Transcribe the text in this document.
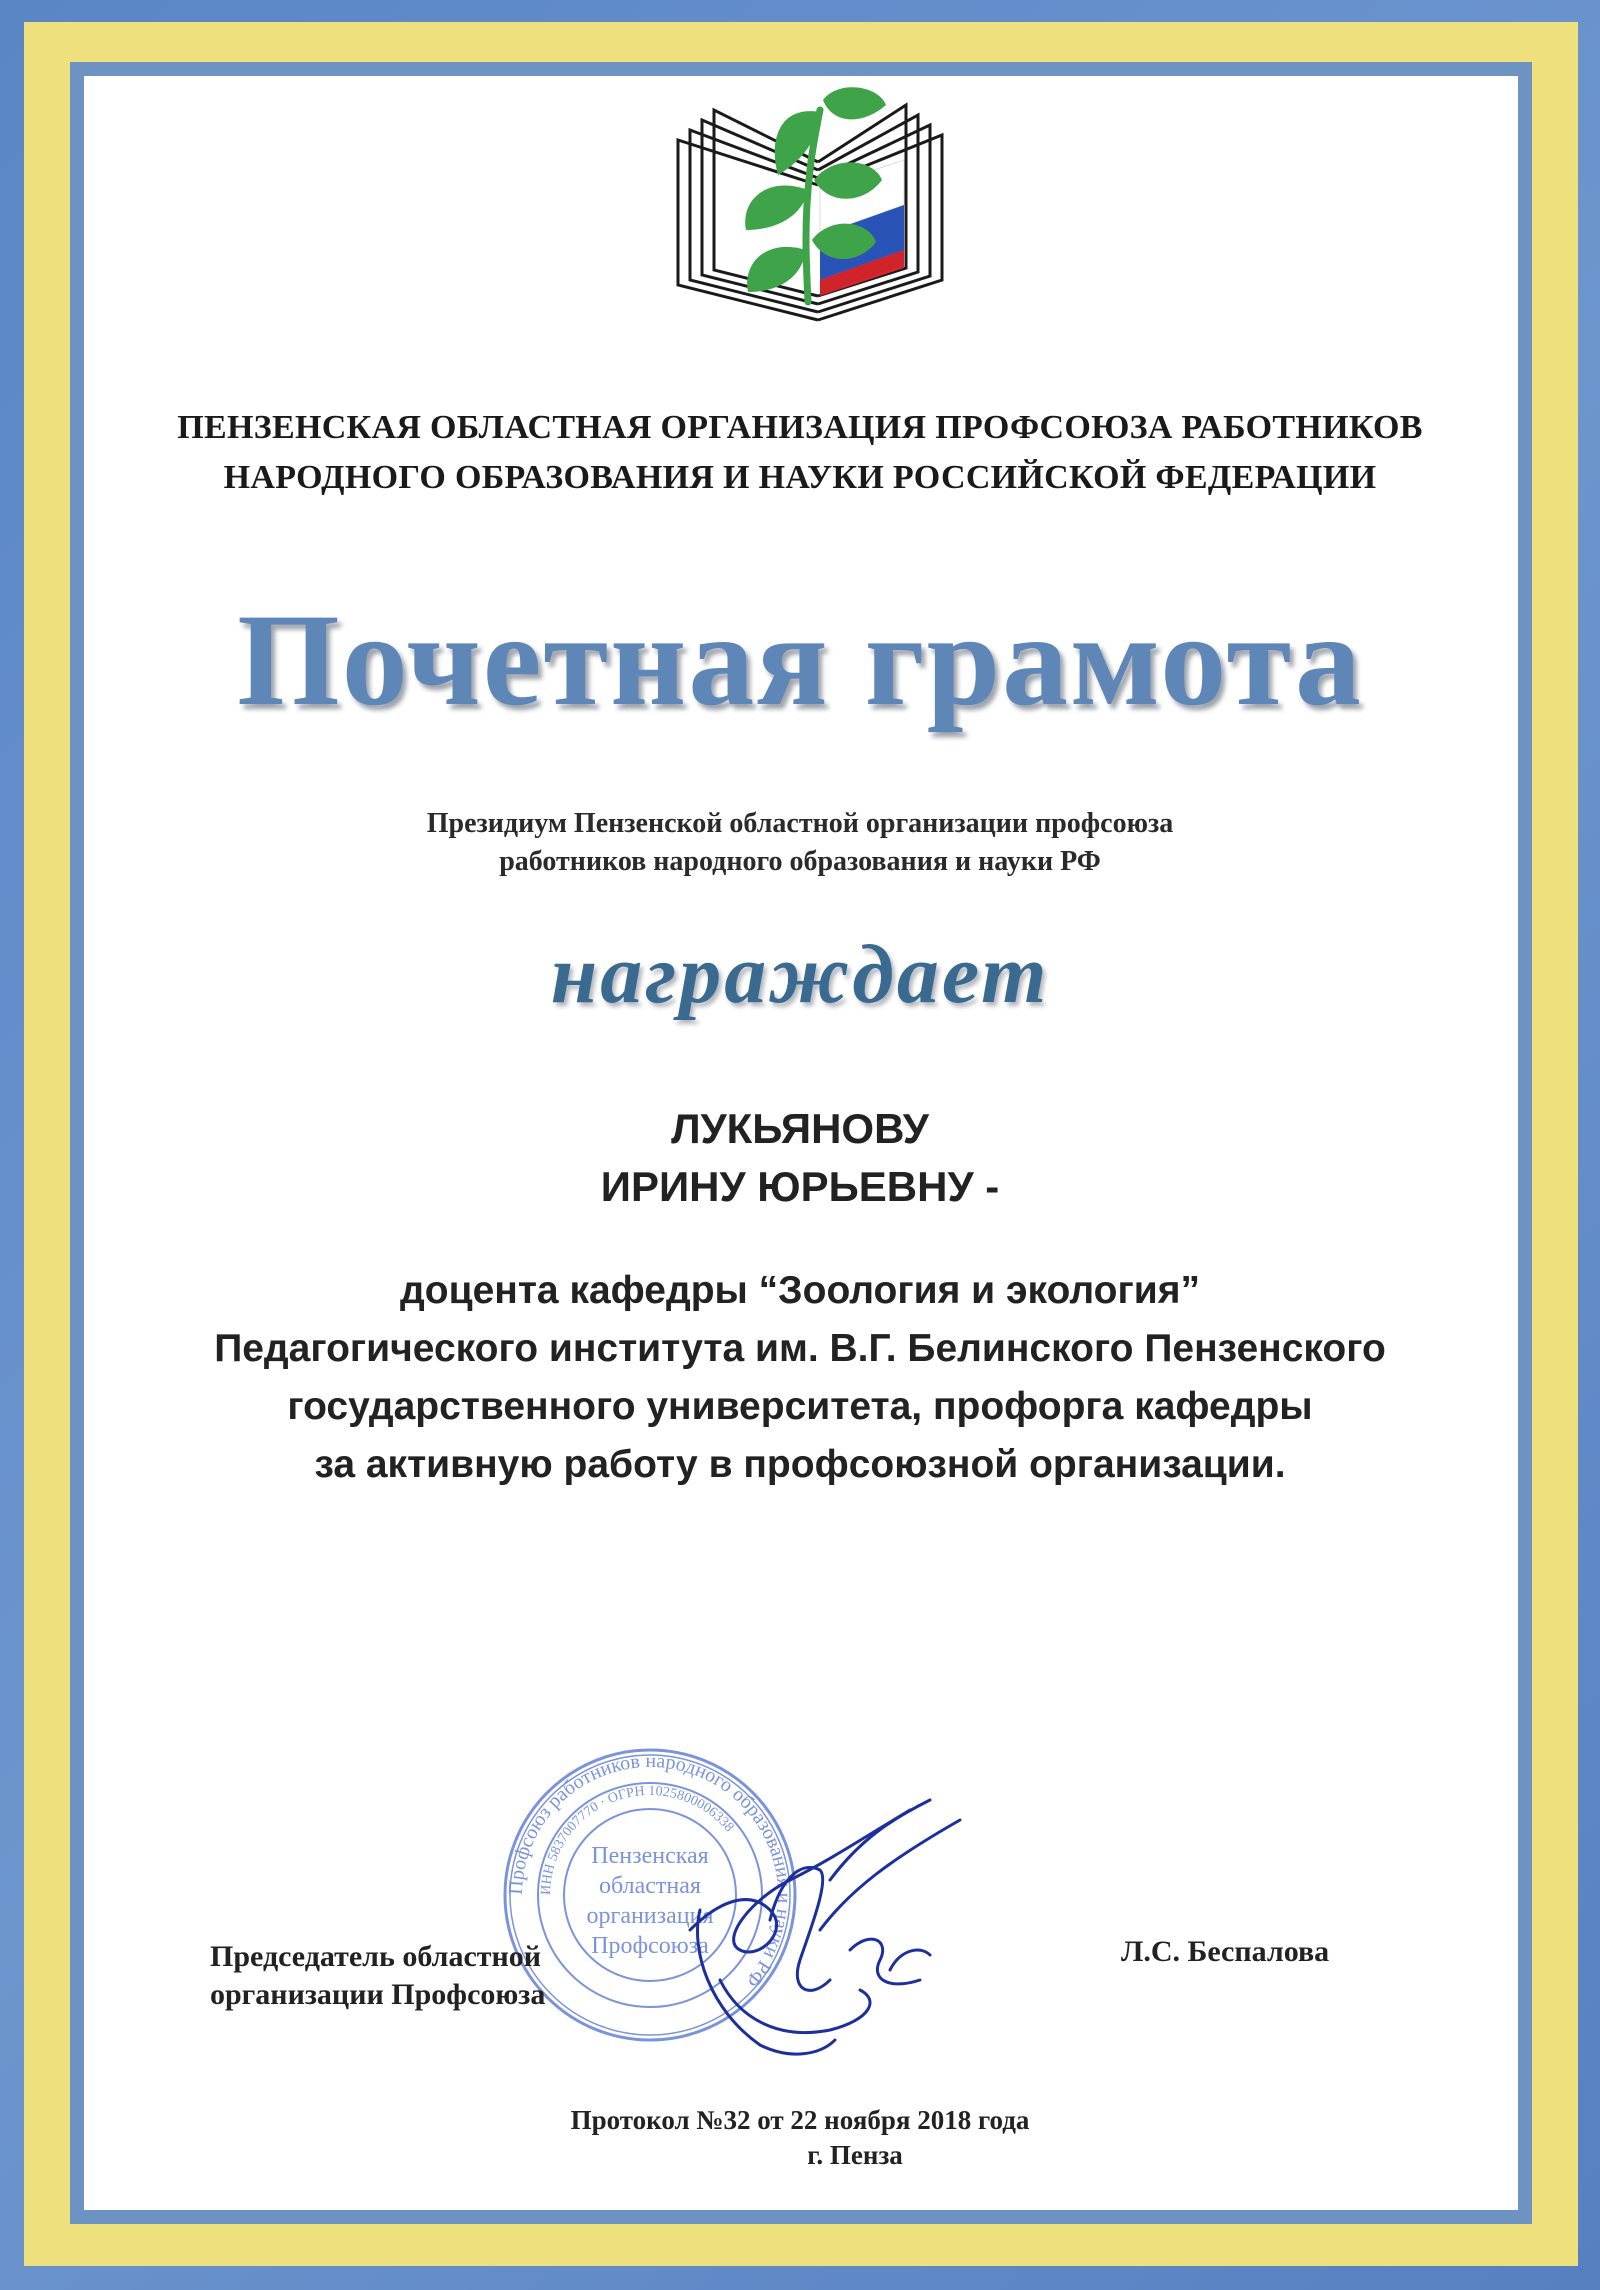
ПЕНЗЕНСКАЯ ОБЛАСТНАЯ ОРГАНИЗАЦИЯ ПРОФСОЮЗА РАБОТНИКОВ
НАРОДНОГО ОБРАЗОВАНИЯ И НАУКИ РОССИЙСКОЙ ФЕДЕРАЦИИ
Почетная грамота
Президиум Пензенской областной организации профсоюза
работников народного образования и науки РФ
награждает
ЛУКЬЯНОВУ
ИРИНУ ЮРЬЕВНУ -
доцента кафедры “Зоология и экология”
Педагогического института им. В.Г. Белинского Пензенского
государственного университета, профорга кафедры
за активную работу в профсоюзной организации.
Профсоюз работников народного образования и науки РФ
ИНН 5837007770 · ОГРН 1025800006338
Пензенская
областная
организация
Профсоюза
Председатель областной
организации Профсоюза
Л.С. Беспалова
Протокол №32 от 22 ноября 2018 года
г. Пенза
